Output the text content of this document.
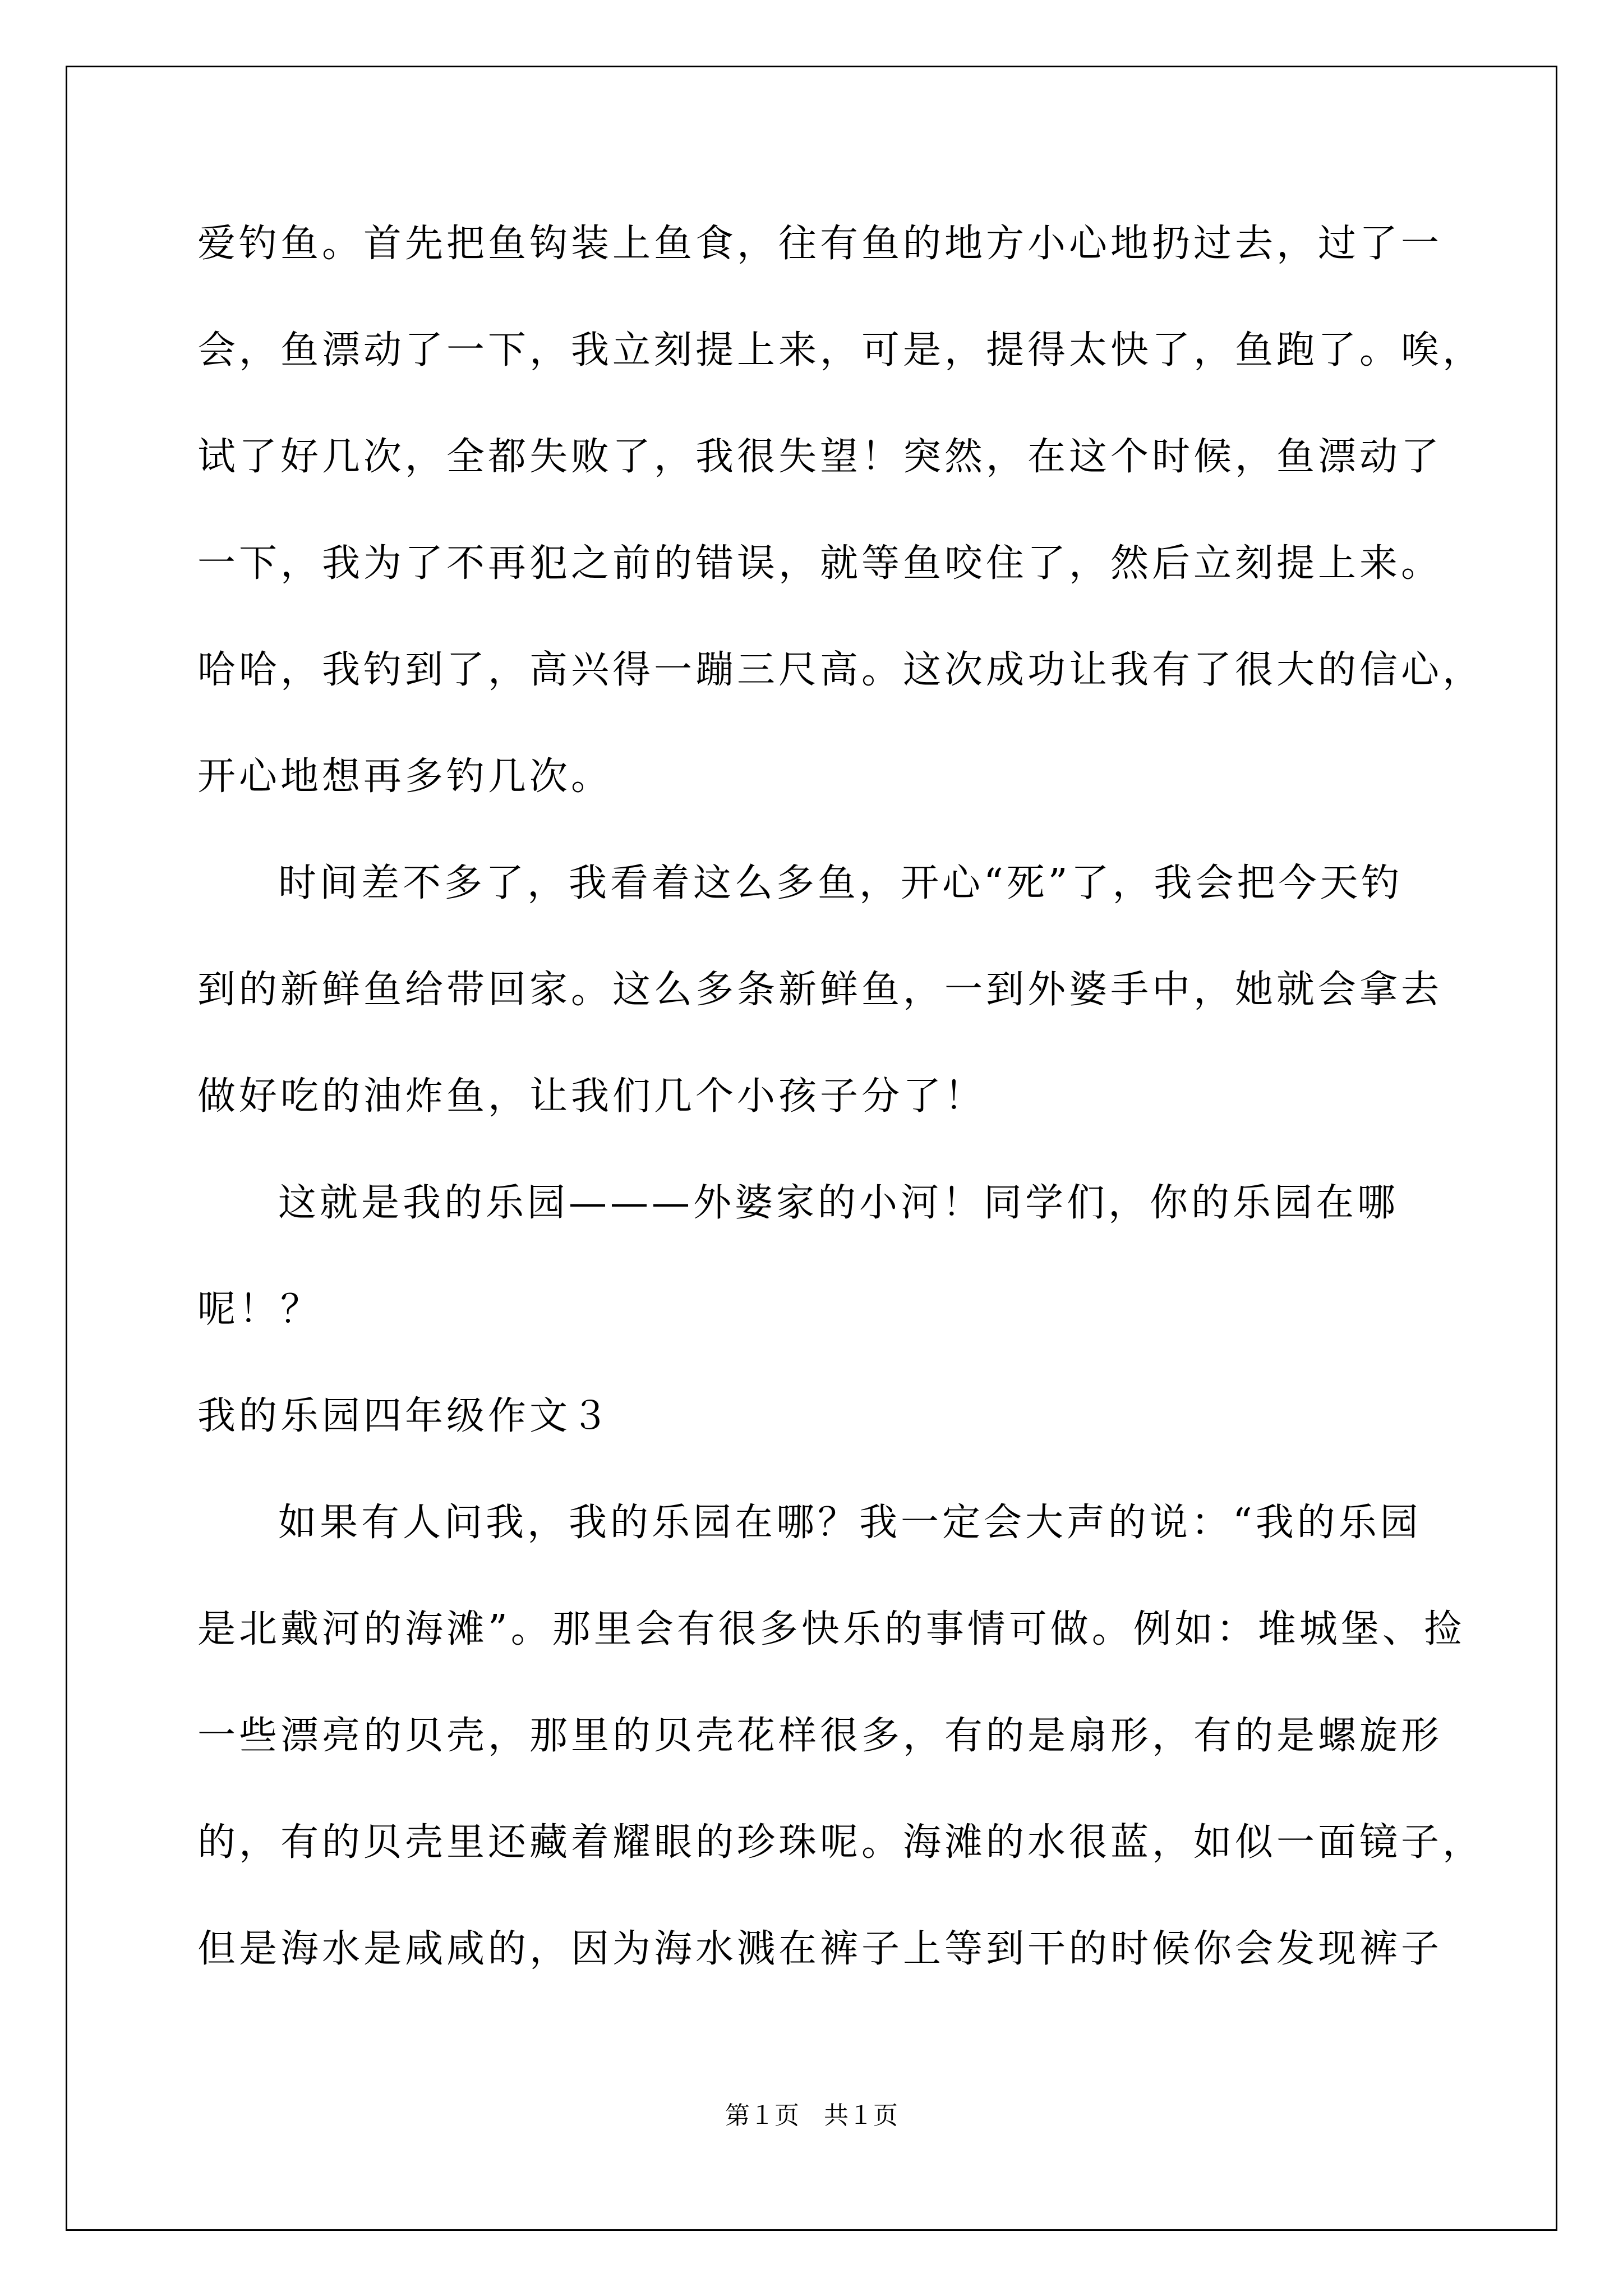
爱钓鱼。首先把鱼钩装上鱼食，往有鱼的地方小心地扔过去，过了一
会，鱼漂动了一下，我立刻提上来，可是，提得太快了，鱼跑了。唉，
试了好几次，全都失败了，我很失望！突然，在这个时候，鱼漂动了
一下，我为了不再犯之前的错误，就等鱼咬住了，然后立刻提上来。
哈哈，我钓到了，高兴得一蹦三尺高。这次成功让我有了很大的信心，
开心地想再多钓几次。
时间差不多了，我看着这么多鱼，开心“死”了，我会把今天钓
到的新鲜鱼给带回家。这么多条新鲜鱼，一到外婆手中，她就会拿去
做好吃的油炸鱼，让我们几个小孩子分了！
这就是我的乐园———外婆家的小河！同学们，你的乐园在哪
呢！？
我的乐园四年级作文３
如果有人问我，我的乐园在哪？我一定会大声的说：“我的乐园
是北戴河的海滩”。那里会有很多快乐的事情可做。例如：堆城堡、捡
一些漂亮的贝壳，那里的贝壳花样很多，有的是扇形，有的是螺旋形
的，有的贝壳里还藏着耀眼的珍珠呢。海滩的水很蓝，如似一面镜子，
但是海水是咸咸的，因为海水溅在裤子上等到干的时候你会发现裤子
第１页　共１页
